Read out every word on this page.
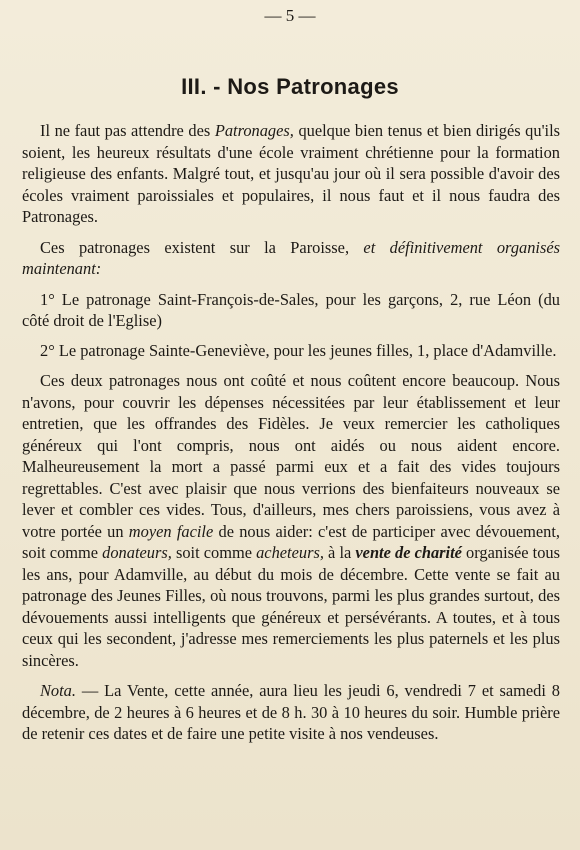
— 5 —
III. - Nos Patronages

Il ne faut pas attendre des Patronages, quelque bien tenus et bien dirigés qu'ils soient, les heureux résultats d'une école vraiment chrétienne pour la formation religieuse des enfants. Malgré tout, et jusqu'au jour où il sera possible d'avoir des écoles vraiment paroissiales et populaires, il nous faut et il nous faudra des Patronages.

Ces patronages existent sur la Paroisse, et définitivement organisés maintenant:

1° Le patronage Saint-François-de-Sales, pour les garçons, 2, rue Léon (du côté droit de l'Eglise)

2° Le patronage Sainte-Geneviève, pour les jeunes filles, 1, place d'Adamville.

Ces deux patronages nous ont coûté et nous coûtent encore beaucoup. Nous n'avons, pour couvrir les dépenses nécessitées par leur établissement et leur entretien, que les offrandes des Fidèles. Je veux remercier les catholiques généreux qui l'ont compris, nous ont aidés ou nous aident encore. Malheureusement la mort a passé parmi eux et a fait des vides toujours regrettables. C'est avec plaisir que nous verrions des bienfaiteurs nouveaux se lever et combler ces vides. Tous, d'ailleurs, mes chers paroissiens, vous avez à votre portée un moyen facile de nous aider: c'est de participer avec dévouement, soit comme donateurs, soit comme acheteurs, à la vente de charité organisée tous les ans, pour Adamville, au début du mois de décembre. Cette vente se fait au patronage des Jeunes Filles, où nous trouvons, parmi les plus grandes surtout, des dévouements aussi intelligents que généreux et persévérants. A toutes, et à tous ceux qui les secondent, j'adresse mes remerciements les plus paternels et les plus sincères.

Nota. — La Vente, cette année, aura lieu les jeudi 6, vendredi 7 et samedi 8 décembre, de 2 heures à 6 heures et de 8 h. 30 à 10 heures du soir. Humble prière de retenir ces dates et de faire une petite visite à nos vendeuses.
